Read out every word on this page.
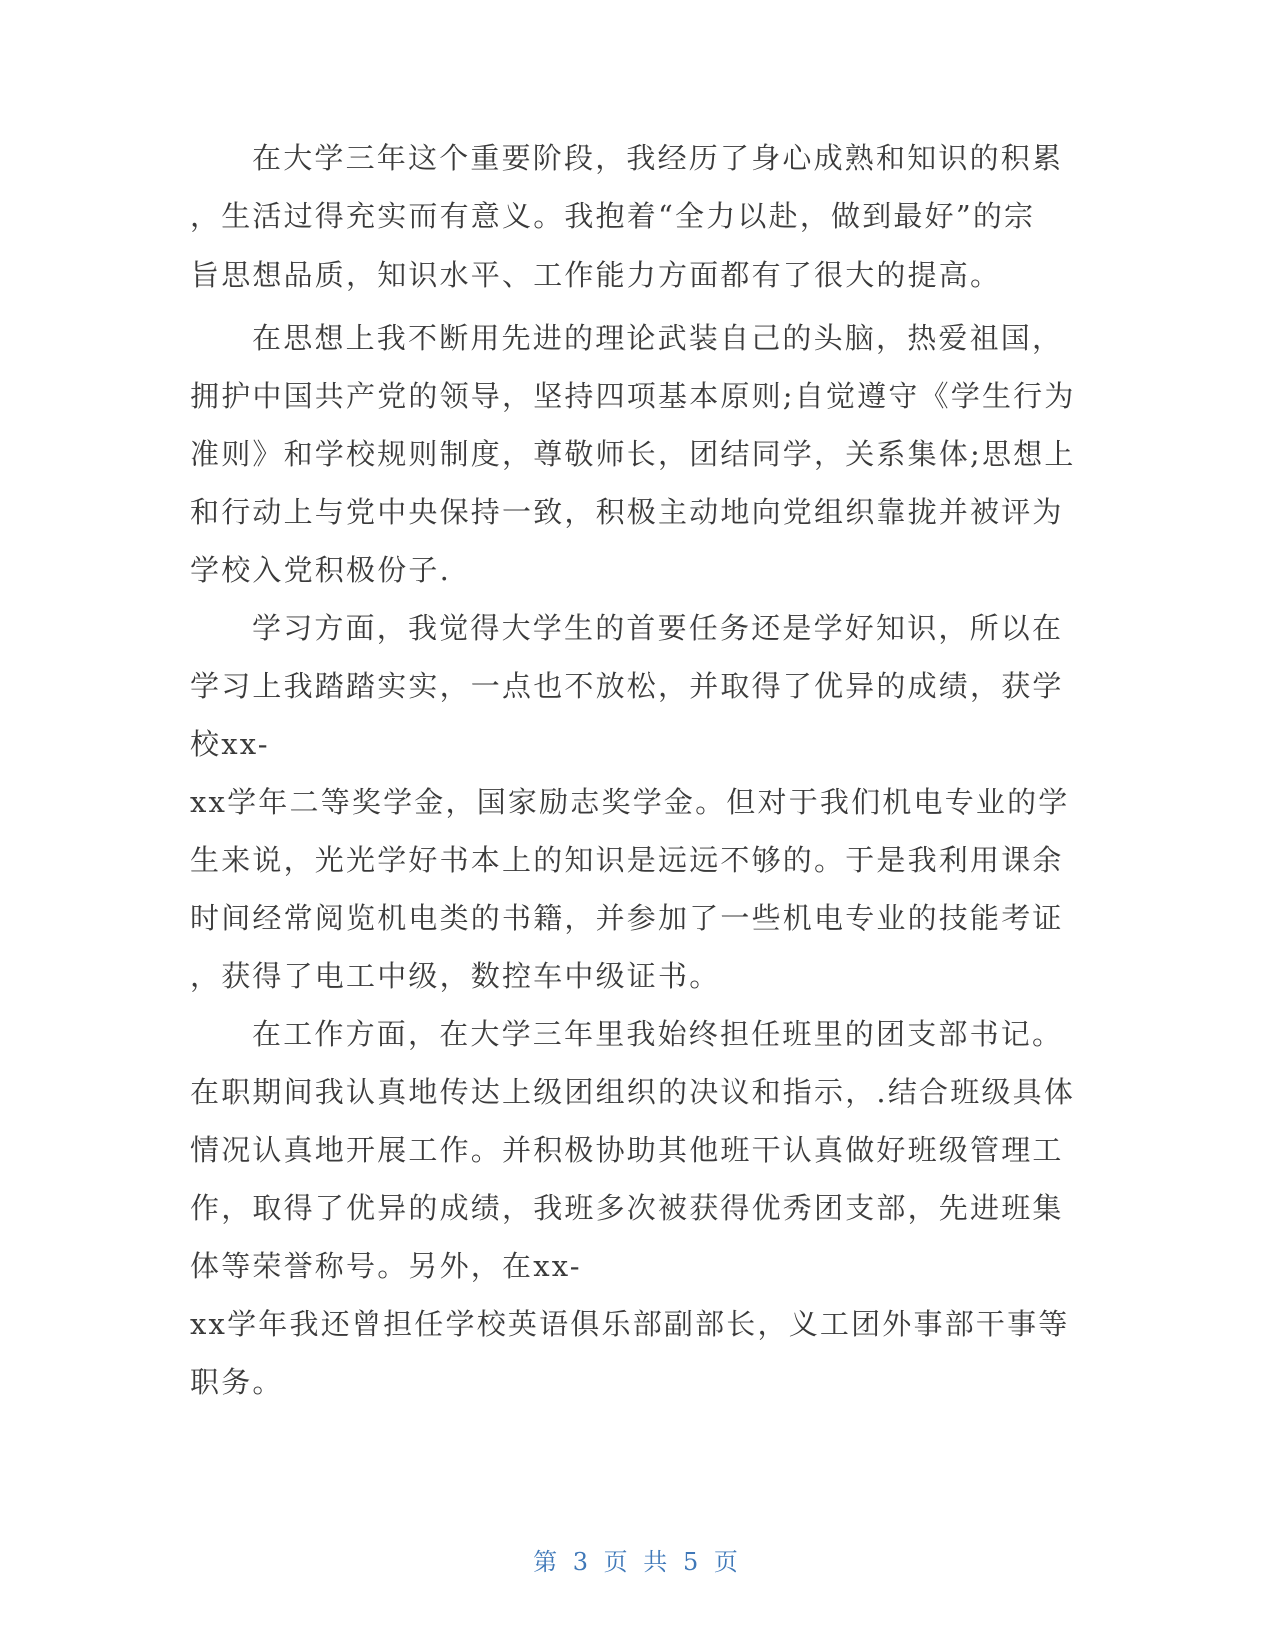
在大学三年这个重要阶段，我经历了身心成熟和知识的积累
，生活过得充实而有意义。我抱着“全力以赴，做到最好”的宗
旨思想品质，知识水平、工作能力方面都有了很大的提高。
在思想上我不断用先进的理论武装自己的头脑，热爱祖国，
拥护中国共产党的领导，坚持四项基本原则;自觉遵守《学生行为
准则》和学校规则制度，尊敬师长，团结同学，关系集体;思想上
和行动上与党中央保持一致，积极主动地向党组织靠拢并被评为
学校入党积极份子.
学习方面，我觉得大学生的首要任务还是学好知识，所以在
学习上我踏踏实实，一点也不放松，并取得了优异的成绩，获学
校xx-
xx学年二等奖学金，国家励志奖学金。但对于我们机电专业的学
生来说，光光学好书本上的知识是远远不够的。于是我利用课余
时间经常阅览机电类的书籍，并参加了一些机电专业的技能考证
，获得了电工中级，数控车中级证书。
在工作方面，在大学三年里我始终担任班里的团支部书记。
在职期间我认真地传达上级团组织的决议和指示，.结合班级具体
情况认真地开展工作。并积极协助其他班干认真做好班级管理工
作，取得了优异的成绩，我班多次被获得优秀团支部，先进班集
体等荣誉称号。另外，在xx-
xx学年我还曾担任学校英语俱乐部副部长，义工团外事部干事等
职务。
第 3 页 共 5 页
